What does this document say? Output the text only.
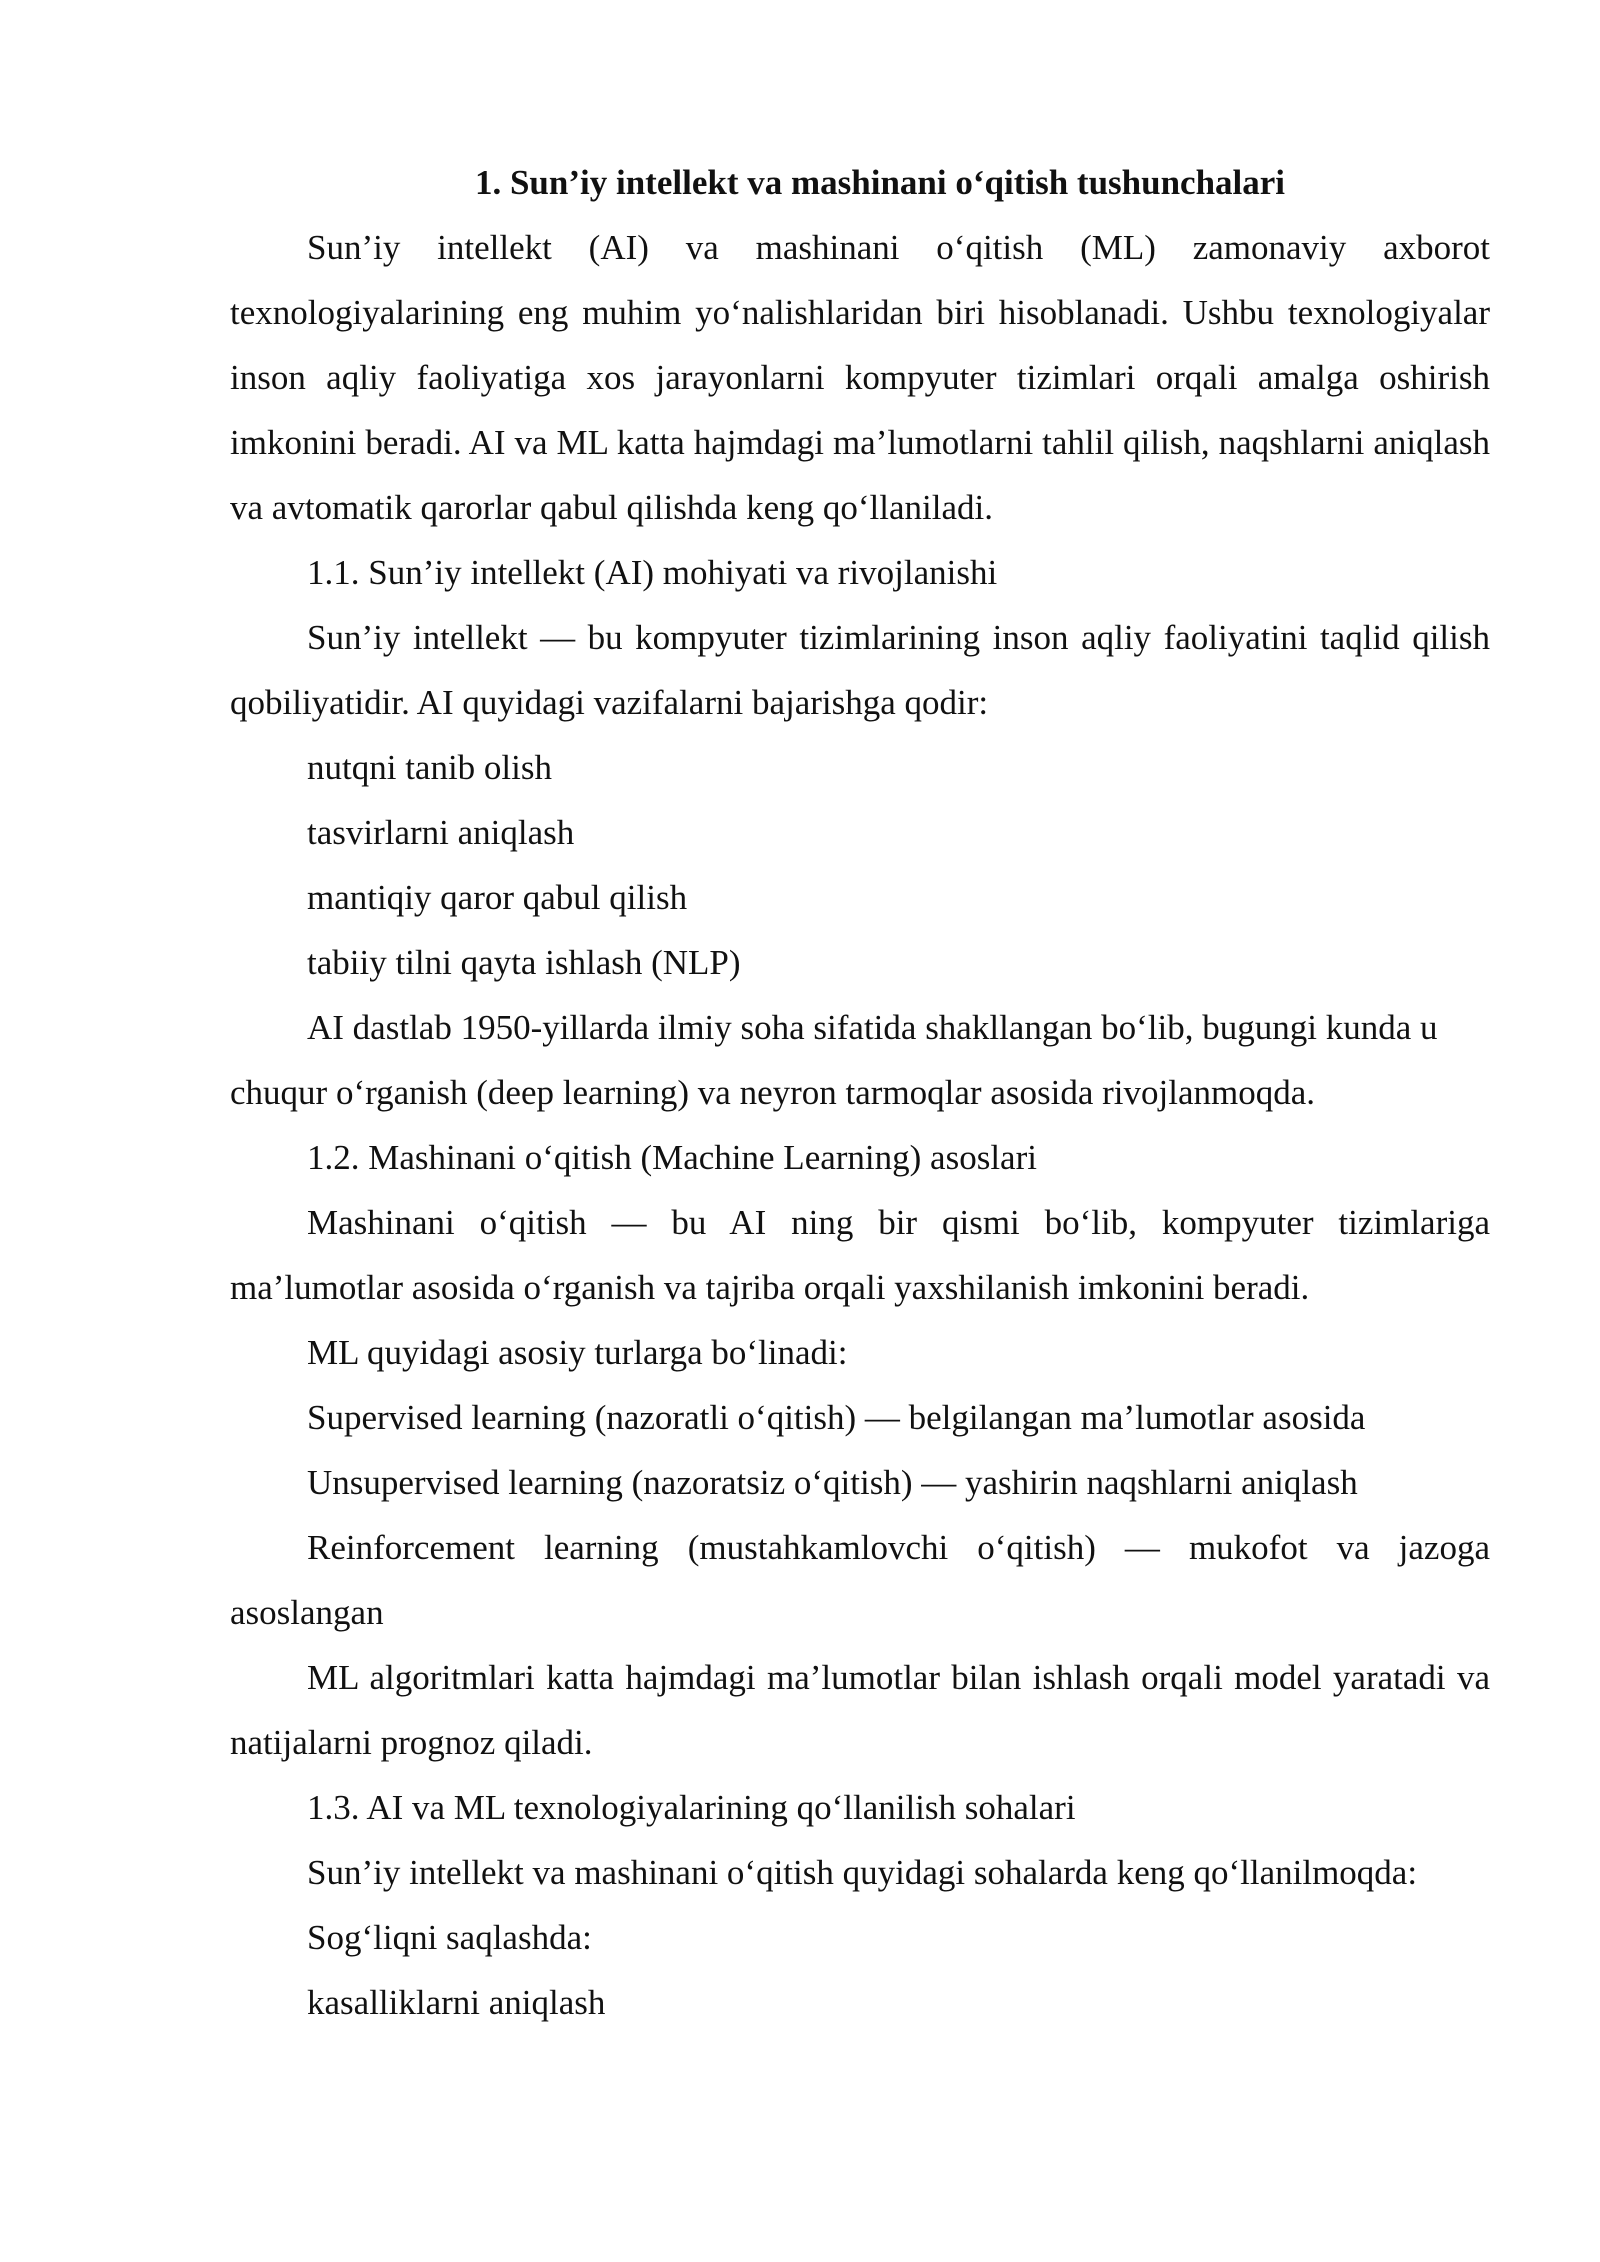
1. Sun’iy intellekt va mashinani o‘qitish tushunchalari

Sun’iy intellekt (AI) va mashinani o‘qitish (ML) zamonaviy axborot texnologiyalarining eng muhim yo‘nalishlaridan biri hisoblanadi. Ushbu texnologiyalar inson aqliy faoliyatiga xos jarayonlarni kompyuter tizimlari orqali amalga oshirish imkonini beradi. AI va ML katta hajmdagi ma’lumotlarni tahlil qilish, naqshlarni aniqlash va avtomatik qarorlar qabul qilishda keng qo‘llaniladi.

1.1. Sun’iy intellekt (AI) mohiyati va rivojlanishi

Sun’iy intellekt — bu kompyuter tizimlarining inson aqliy faoliyatini taqlid qilish qobiliyatidir. AI quyidagi vazifalarni bajarishga qodir:

nutqni tanib olish

tasvirlarni aniqlash

mantiqiy qaror qabul qilish

tabiiy tilni qayta ishlash (NLP)

AI dastlab 1950-yillarda ilmiy soha sifatida shakllangan bo‘lib, bugungi kunda u chuqur o‘rganish (deep learning) va neyron tarmoqlar asosida rivojlanmoqda.

1.2. Mashinani o‘qitish (Machine Learning) asoslari

Mashinani o‘qitish — bu AI ning bir qismi bo‘lib, kompyuter tizimlariga ma’lumotlar asosida o‘rganish va tajriba orqali yaxshilanish imkonini beradi.

ML quyidagi asosiy turlarga bo‘linadi:

Supervised learning (nazoratli o‘qitish) — belgilangan ma’lumotlar asosida

Unsupervised learning (nazoratsiz o‘qitish) — yashirin naqshlarni aniqlash

Reinforcement learning (mustahkamlovchi o‘qitish) — mukofot va jazoga asoslangan

ML algoritmlari katta hajmdagi ma’lumotlar bilan ishlash orqali model yaratadi va natijalarni prognoz qiladi.

1.3. AI va ML texnologiyalarining qo‘llanilish sohalari

Sun’iy intellekt va mashinani o‘qitish quyidagi sohalarda keng qo‘llanilmoqda:

Sog‘liqni saqlashda:

kasalliklarni aniqlash
